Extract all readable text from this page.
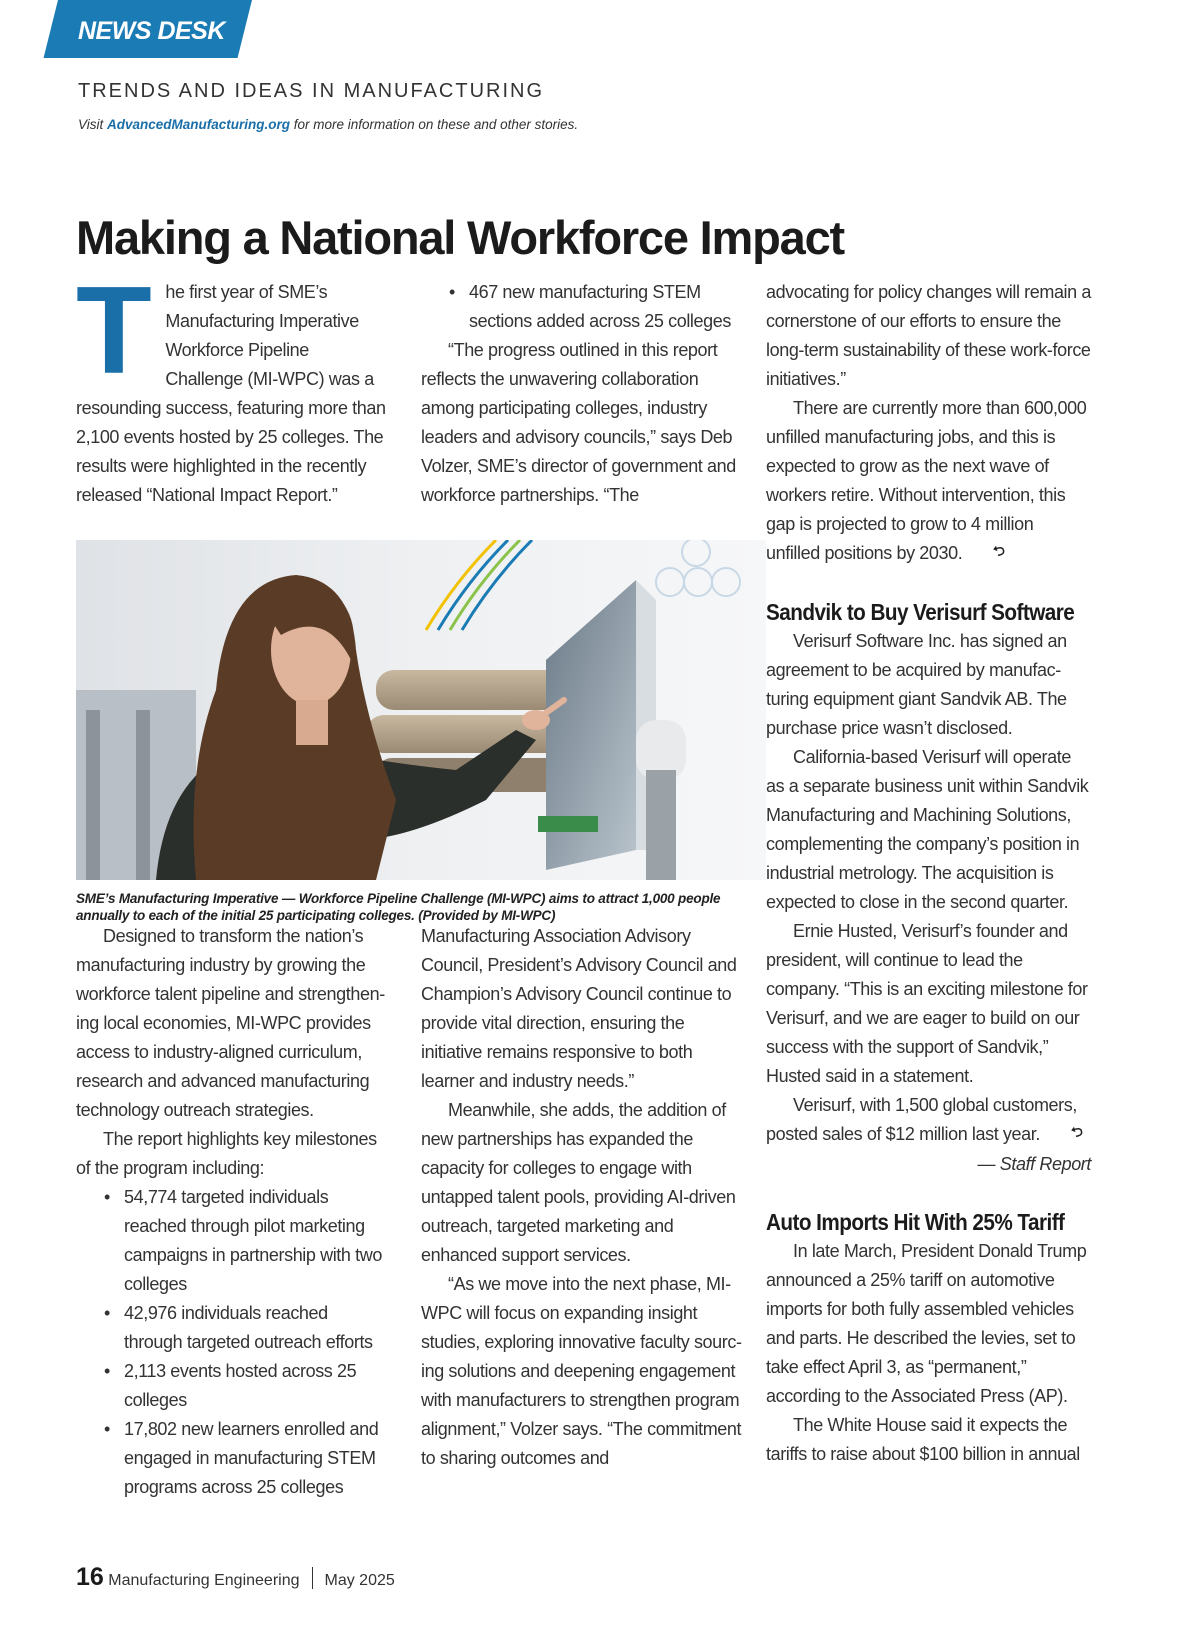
NEWS DESK
TRENDS AND IDEAS IN MANUFACTURING
Visit AdvancedManufacturing.org for more information on these and other stories.
Making a National Workforce Impact

The first year of SME’s Manufacturing Imperative Workforce Pipeline Challenge (MI-WPC) was a resounding success, featuring more than 2,100 events hosted by 25 colleges. The results were highlighted in the recently released “National Impact Report.”

• 467 new manufacturing STEM sections added across 25 colleges

“The progress outlined in this report reflects the unwavering collaboration among participating colleges, industry leaders and advisory councils,” says Deb Volzer, SME’s director of government and workforce partnerships. “The

advocating for policy changes will remain a cornerstone of our efforts to ensure the long-term sustainability of these work-force initiatives.”

There are currently more than 600,000 unfilled manufacturing jobs, and this is expected to grow as the next wave of workers retire. Without intervention, this gap is projected to grow to 4 million unfilled positions by 2030. ⮌

Sandvik to Buy Verisurf Software

Verisurf Software Inc. has signed an agreement to be acquired by manufac-turing equipment giant Sandvik AB. The purchase price wasn’t disclosed.

California-based Verisurf will operate as a separate business unit within Sandvik Manufacturing and Machining Solutions, complementing the company’s position in industrial metrology. The acquisition is expected to close in the second quarter.

Ernie Husted, Verisurf’s founder and president, will continue to lead the company. “This is an exciting milestone for Verisurf, and we are eager to build on our success with the support of Sandvik,” Husted said in a statement.

Verisurf, with 1,500 global customers, posted sales of $12 million last year. ⮌

— Staff Report

Auto Imports Hit With 25% Tariff

In late March, President Donald Trump announced a 25% tariff on automotive imports for both fully assembled vehicles and parts. He described the levies, set to take effect April 3, as “permanent,” according to the Associated Press (AP).

The White House said it expects the tariffs to raise about $100 billion in annual

SME’s Manufacturing Imperative — Workforce Pipeline Challenge (MI-WPC) aims to attract 1,000 people annually to each of the initial 25 participating colleges. (Provided by MI-WPC)

Designed to transform the nation’s manufacturing industry by growing the workforce talent pipeline and strengthen-ing local economies, MI-WPC provides access to industry-aligned curriculum, research and advanced manufacturing technology outreach strategies.

The report highlights key milestones of the program including:

• 54,774 targeted individuals reached through pilot marketing campaigns in partnership with two colleges
• 42,976 individuals reached through targeted outreach efforts
• 2,113 events hosted across 25 colleges
• 17,802 new learners enrolled and engaged in manufacturing STEM programs across 25 colleges

Manufacturing Association Advisory Council, President’s Advisory Council and Champion’s Advisory Council continue to provide vital direction, ensuring the initiative remains responsive to both learner and industry needs.”

Meanwhile, she adds, the addition of new partnerships has expanded the capacity for colleges to engage with untapped talent pools, providing AI-driven outreach, targeted marketing and enhanced support services.

“As we move into the next phase, MI-WPC will focus on expanding insight studies, exploring innovative faculty sourc-ing solutions and deepening engagement with manufacturers to strengthen program alignment,” Volzer says. “The commitment to sharing outcomes and

16 Manufacturing Engineering May 2025
